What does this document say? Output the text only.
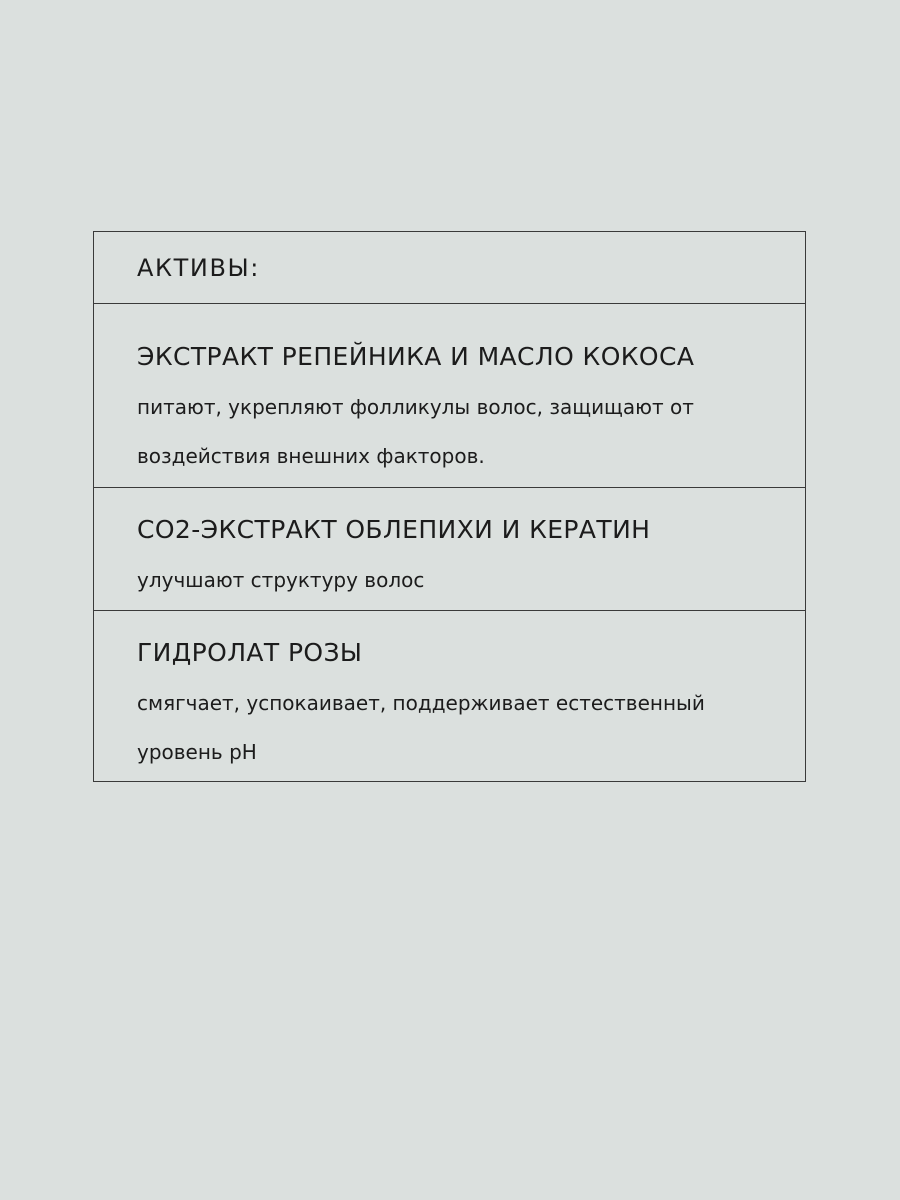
АКТИВЫ:
ЭКСТРАКТ РЕПЕЙНИКА И МАСЛО КОКОСА
питают, укрепляют фолликулы волос, защищают от
воздействия внешних факторов.
CO2-ЭКСТРАКТ ОБЛЕПИХИ И КЕРАТИН
улучшают структуру волос
ГИДРОЛАТ РОЗЫ
смягчает, успокаивает, поддерживает естественный
уровень pH
